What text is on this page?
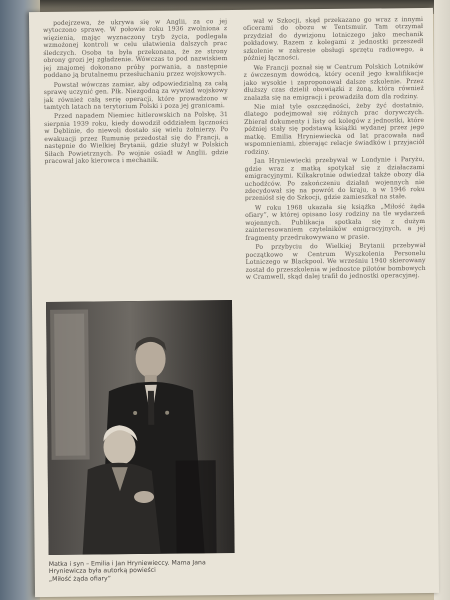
podejrzewa, że ukrywa się w Anglii, za co jej wytoczono sprawę. W połowie roku 1936 zwolniona z więzienia, mając wyznaczony tryb życia, podlegała wzmożonej kontroli w celu ułatwienia dalszych prac śledczych. Osoba ta była przekonana, że ze strony obrony grozi jej zgładzenie. Wówczas to pod nazwiskiem jej znajomej dokonano próby porwania, a następnie poddano ją brutalnemu przesłuchaniu przez wojskowych.

Powstał wówczas zamiar, aby odpowiedzialną za całą sprawę uczynić gen. Płk. Niezgodną za wywiad wojskowy jak również całą serię operacji, które prowadzono w tamtych latach na terytorium Polski i poza jej granicami.

Przed napadem Niemiec hitlerowskich na Polskę, 31 sierpnia 1939 roku, kiedy dowodził oddziałem łączności w Dęblinie, do niewoli dostało się wielu żołnierzy. Po ewakuacji przez Rumunię przedostał się do Francji, a następnie do Wielkiej Brytanii, gdzie służył w Polskich Siłach Powietrznych. Po wojnie osiadł w Anglii, gdzie pracował jako kierowca i mechanik.

Matka i syn – Emilia i Jan Hryniewieccy. Mama Jana Hryniewicza była autorką powieści
„Miłość żąda ofiary”

wał w Szkocji, skąd przekazano go wraz z innymi oficerami do obozu w Tentsmuir. Tam otrzymał przydział do dywizjonu lotniczego jako mechanik pokładowy. Razem z kolegami z jednostki przeszedł szkolenie w zakresie obsługi sprzętu radiowego, a później łączności.

We Francji poznał się w Centrum Polskich Lotników z ówczesnym dowódcą, który ocenił jego kwalifikacje jako wysokie i zaproponował dalsze szkolenie. Przez dłuższy czas dzielił obowiązki z żoną, która również znalazła się na emigracji i prowadziła dom dla rodziny.

Nie miał tyle oszczędności, żeby żyć dostatnio, dlatego podejmował się różnych prac dorywczych. Zbierał dokumenty i listy od kolegów z jednostki, które później stały się podstawą książki wydanej przez jego matkę. Emilia Hryniewiecka od lat pracowała nad wspomnieniami, zbierając relacje świadków i przyjaciół rodziny.

Jan Hryniewiecki przebywał w Londynie i Paryżu, gdzie wraz z matką spotykał się z działaczami emigracyjnymi. Kilkakrotnie odwiedzał także obozy dla uchodźców. Po zakończeniu działań wojennych nie zdecydował się na powrót do kraju, a w 1946 roku przeniósł się do Szkocji, gdzie zamieszkał na stałe.

W roku 1968 ukazała się książka „Miłość żąda ofiary”, w której opisano losy rodziny na tle wydarzeń wojennych. Publikacja spotkała się z dużym zainteresowaniem czytelników emigracyjnych, a jej fragmenty przedrukowywano w prasie.

Po przybyciu do Wielkiej Brytanii przebywał początkowo w Centrum Wyszkolenia Personelu Lotniczego w Blackpool. We wrześniu 1940 skierowany został do przeszkolenia w jednostce pilotów bombowych w Cramwell, skąd dalej trafił do jednostki operacyjnej.
